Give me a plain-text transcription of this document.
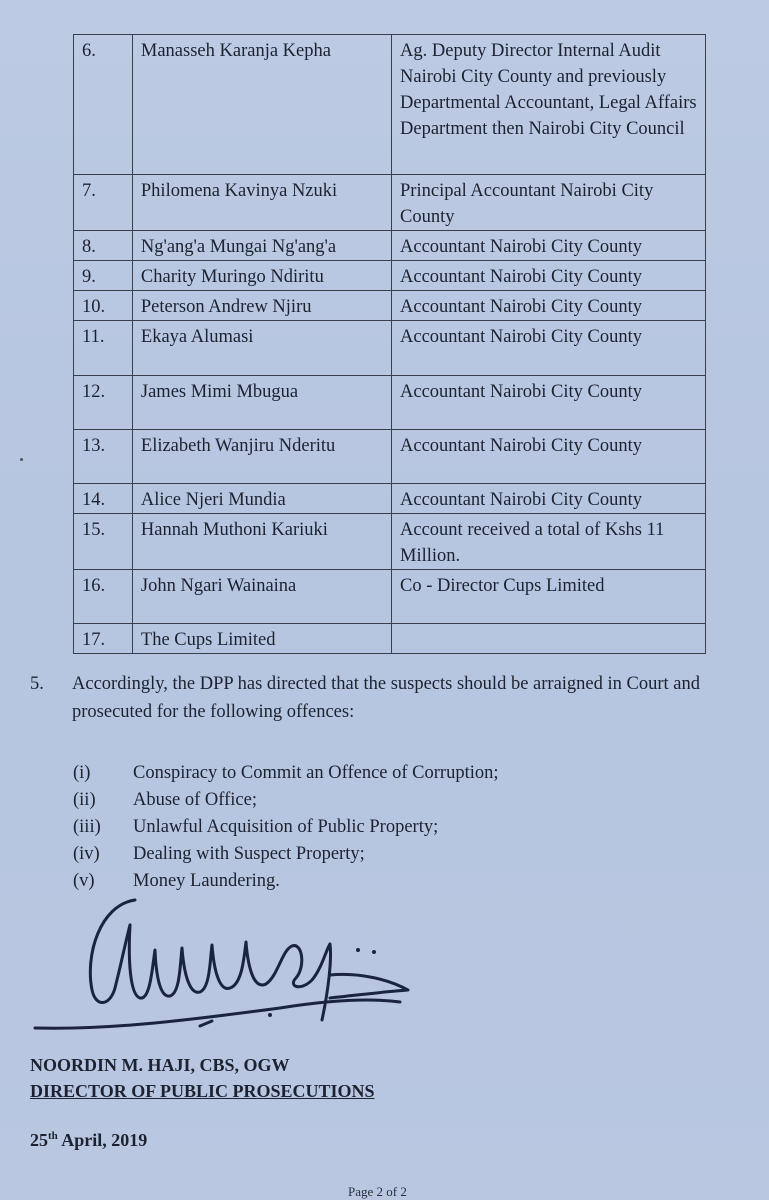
6.	Manasseh Karanja Kepha	Ag. Deputy Director Internal Audit Nairobi City County and previously Departmental Accountant, Legal Affairs Department then Nairobi City Council
7.	Philomena Kavinya Nzuki	Principal Accountant Nairobi City County
8.	Ng'ang'a Mungai Ng'ang'a	Accountant Nairobi City County
9.	Charity Muringo Ndiritu	Accountant Nairobi City County
10.	Peterson Andrew Njiru	Accountant Nairobi City County
11.	Ekaya Alumasi	Accountant Nairobi City County
12.	James Mimi Mbugua	Accountant Nairobi City County
13.	Elizabeth Wanjiru Nderitu	Accountant Nairobi City County
14.	Alice Njeri Mundia	Accountant Nairobi City County
15.	Hannah Muthoni Kariuki	Account received a total of Kshs 11 Million.
16.	John Ngari Wainaina	Co - Director Cups Limited
17.	The Cups Limited	
5. Accordingly, the DPP has directed that the suspects should be arraigned in Court and prosecuted for the following offences:
(i)	Conspiracy to Commit an Offence of Corruption;
(ii)	Abuse of Office;
(iii)	Unlawful Acquisition of Public Property;
(iv)	Dealing with Suspect Property;
(v)	Money Laundering.
NOORDIN M. HAJI, CBS, OGW
DIRECTOR OF PUBLIC PROSECUTIONS
25th April, 2019
Page 2 of 2
